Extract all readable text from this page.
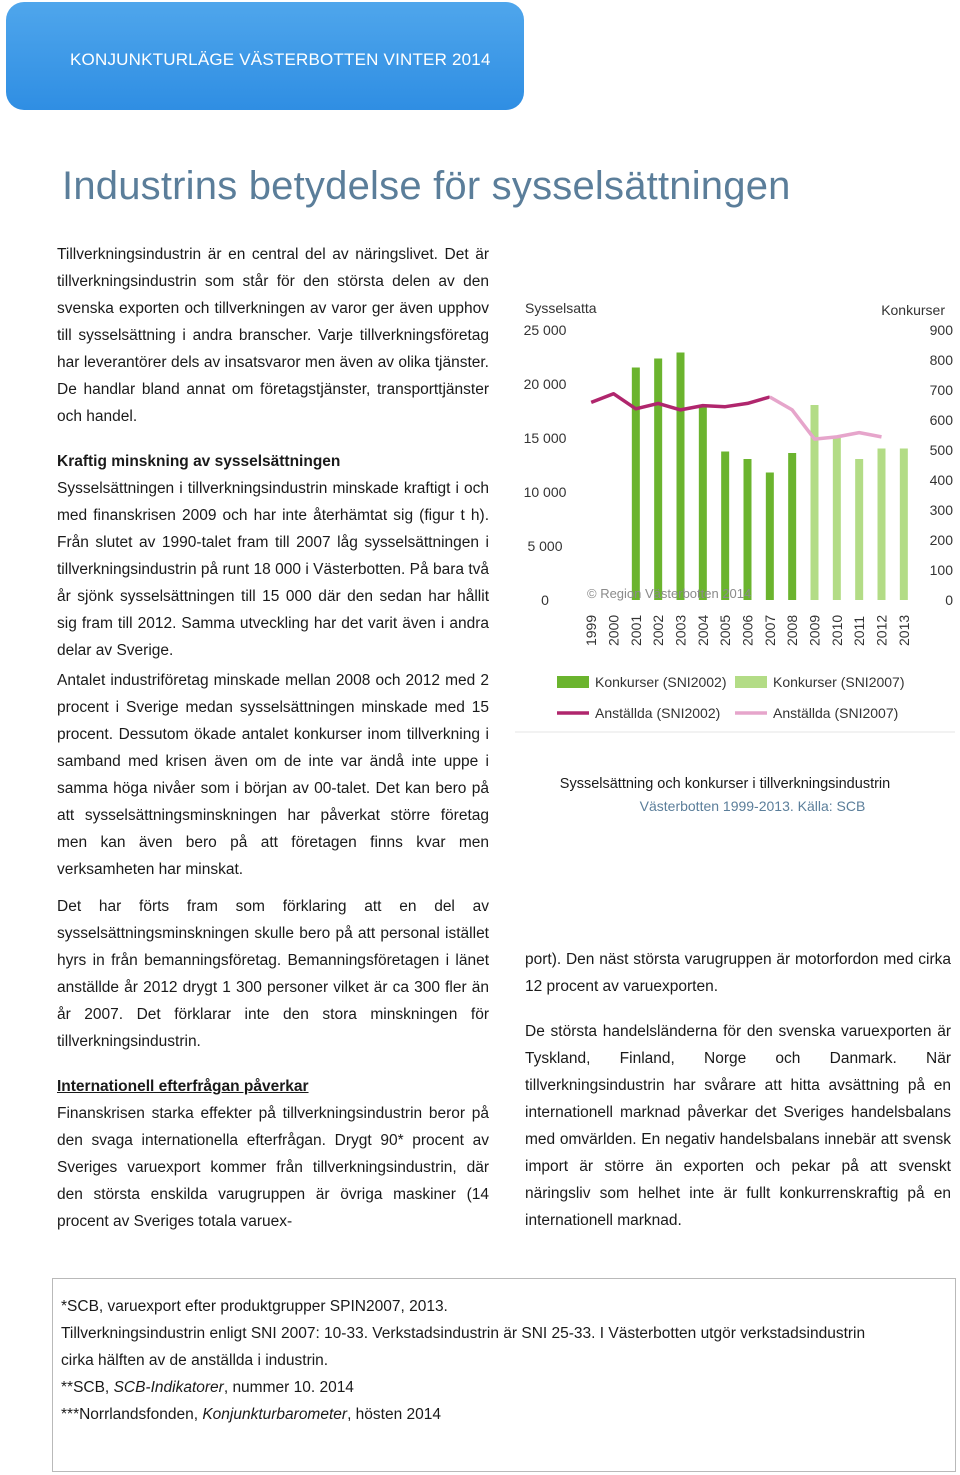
KONJUNKTURLÄGE VÄSTERBOTTEN VINTER 2014
Industrins betydelse för sysselsättningen

Tillverkningsindustrin är en central del av näringslivet. Det är tillverkningsindustrin som står för den största delen av den svenska exporten och tillverkningen av varor ger även upphov till sysselsättning i andra branscher. Varje tillverkningsföretag har leverantörer dels av insatsvaror men även av olika tjänster. De handlar bland annat om företagstjänster, transporttjänster och handel.

Kraftig minskning av sysselsättningen

Sysselsättningen i tillverkningsindustrin minskade kraftigt i och med finanskrisen 2009 och har inte återhämtat sig (figur t h). Från slutet av 1990-talet fram till 2007 låg sysselsättningen i tillverkningsindustrin på runt 18 000 i Västerbotten. På bara två år sjönk sysselsättningen till 15 000 där den sedan har hållit sig fram till 2012. Samma utveckling har det varit även i andra delar av Sverige.

Antalet industriföretag minskade mellan 2008 och 2012 med 2 procent i Sverige medan sysselsättningen minskade med 15 procent. Dessutom ökade antalet konkurser inom tillverkning i samband med krisen även om de inte var ändå inte uppe i samma höga nivåer som i början av 00-talet. Det kan bero på att sysselsättningsminskningen har påverkat större företag men kan även bero på att företagen finns kvar men verksamheten har minskat.

Det har förts fram som förklaring att en del av sysselsättningsminskningen skulle bero på att personal istället hyrs in från bemanningsföretag. Bemanningsföretagen i länet anställde år 2012 drygt 1 300 personer vilket är ca 300 fler än år 2007. Det förklarar inte den stora minskningen för tillverkningsindustrin.

Internationell efterfrågan påverkar

Finanskrisen starka effekter på tillverkningsindustrin beror på den svaga internationella efterfrågan. Drygt 90* procent av Sveriges varuexport kommer från tillverkningsindustrin, där den största enskilda varugruppen är övriga maskiner (14 procent av Sveriges totala varuex-

port). Den näst största varugruppen är motorfordon med cirka 12 procent av varuexporten.

De största handelsländerna för den svenska varuexporten är Tyskland, Finland, Norge och Danmark. När tillverkningsindustrin har svårare att hitta avsättning på en internationell marknad påverkar det Sveriges handelsbalans med omvärlden. En negativ handelsbalans innebär att svensk import är större än exporten och pekar på att svenskt näringsliv som helhet inte är fullt konkurrenskraftig på en internationell marknad.

Sysselsatta	Konkurser
25 000
20 000
15 000
10 000
5 000
0
900
800
700
600
500
400
300
200
100
0
© Region Västerbotten 2014
1999 2000 2001 2002 2003 2004 2005 2006 2007 2008 2009 2010 2011 2012 2013
Konkurser (SNI2002)	Konkurser (SNI2007)
Anställda (SNI2002)	Anställda (SNI2007)
Sysselsättning och konkurser i tillverkningsindustrin
Västerbotten 1999-2013. Källa: SCB
*SCB, varuexport efter produktgrupper SPIN2007, 2013.
Tillverkningsindustrin enligt SNI 2007: 10-33. Verkstadsindustrin är SNI 25-33. I Västerbotten utgör verkstadsindustrin
cirka hälften av de anställda i industrin.
**SCB, SCB-Indikatorer, nummer 10. 2014
***Norrlandsfonden, Konjunkturbarometer, hösten 2014
